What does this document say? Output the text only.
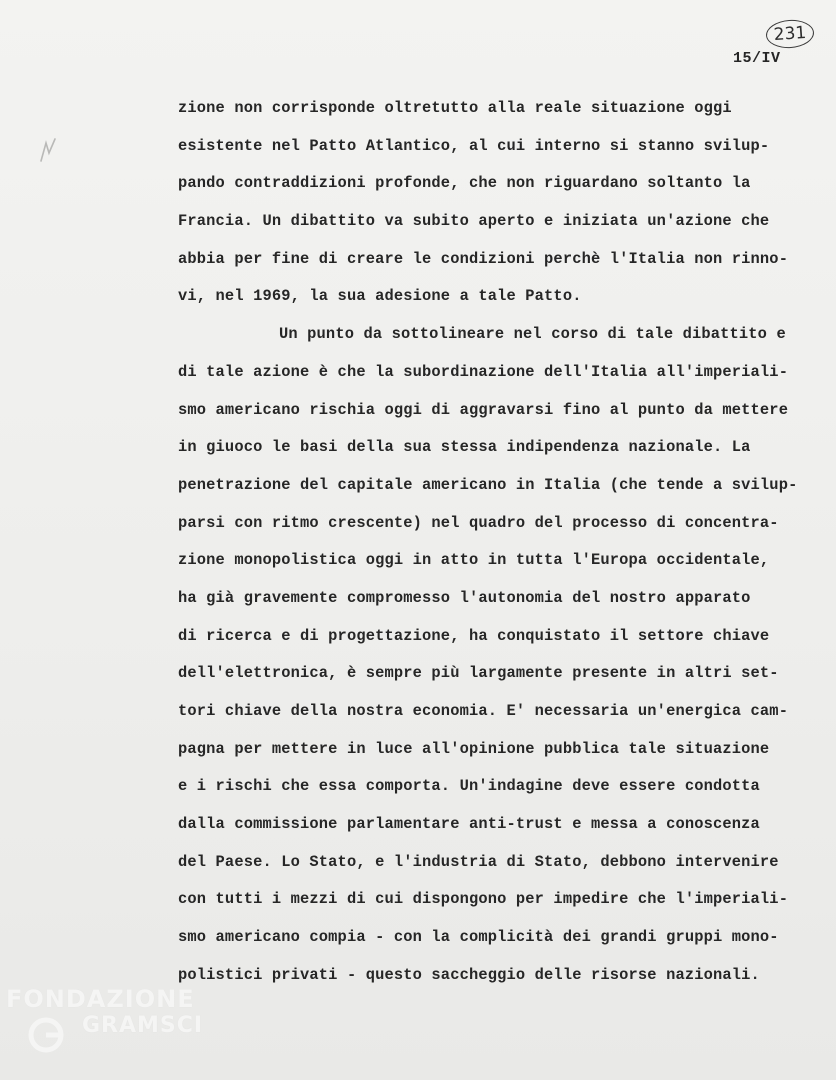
231
15/IV
zione non corrisponde oltretutto alla reale situazione oggi
esistente nel Patto Atlantico, al cui interno si stanno svilup-
pando contraddizioni profonde, che non riguardano soltanto la
Francia. Un dibattito va subito aperto e iniziata un'azione che
abbia per fine di creare le condizioni perchè l'Italia non rinno-
vi, nel 1969, la sua adesione a tale Patto.
Un punto da sottolineare nel corso di tale dibattito e
di tale azione è che la subordinazione dell'Italia all'imperiali-
smo americano rischia oggi di aggravarsi fino al punto da mettere
in giuoco le basi della sua stessa indipendenza nazionale. La
penetrazione del capitale americano in Italia (che tende a svilup-
parsi con ritmo crescente) nel quadro del processo di concentra-
zione monopolistica oggi in atto in tutta l'Europa occidentale,
ha già gravemente compromesso l'autonomia del nostro apparato
di ricerca e di progettazione, ha conquistato il settore chiave
dell'elettronica, è sempre più largamente presente in altri set-
tori chiave della nostra economia. E' necessaria un'energica cam-
pagna per mettere in luce all'opinione pubblica tale situazione
e i rischi che essa comporta. Un'indagine deve essere condotta
dalla commissione parlamentare anti-trust e messa a conoscenza
del Paese. Lo Stato, e l'industria di Stato, debbono intervenire
con tutti i mezzi di cui dispongono per impedire che l'imperiali-
smo americano compia - con la complicità dei grandi gruppi mono-
polistici privati - questo saccheggio delle risorse nazionali.
FONDAZIONE
GRAMSCI
